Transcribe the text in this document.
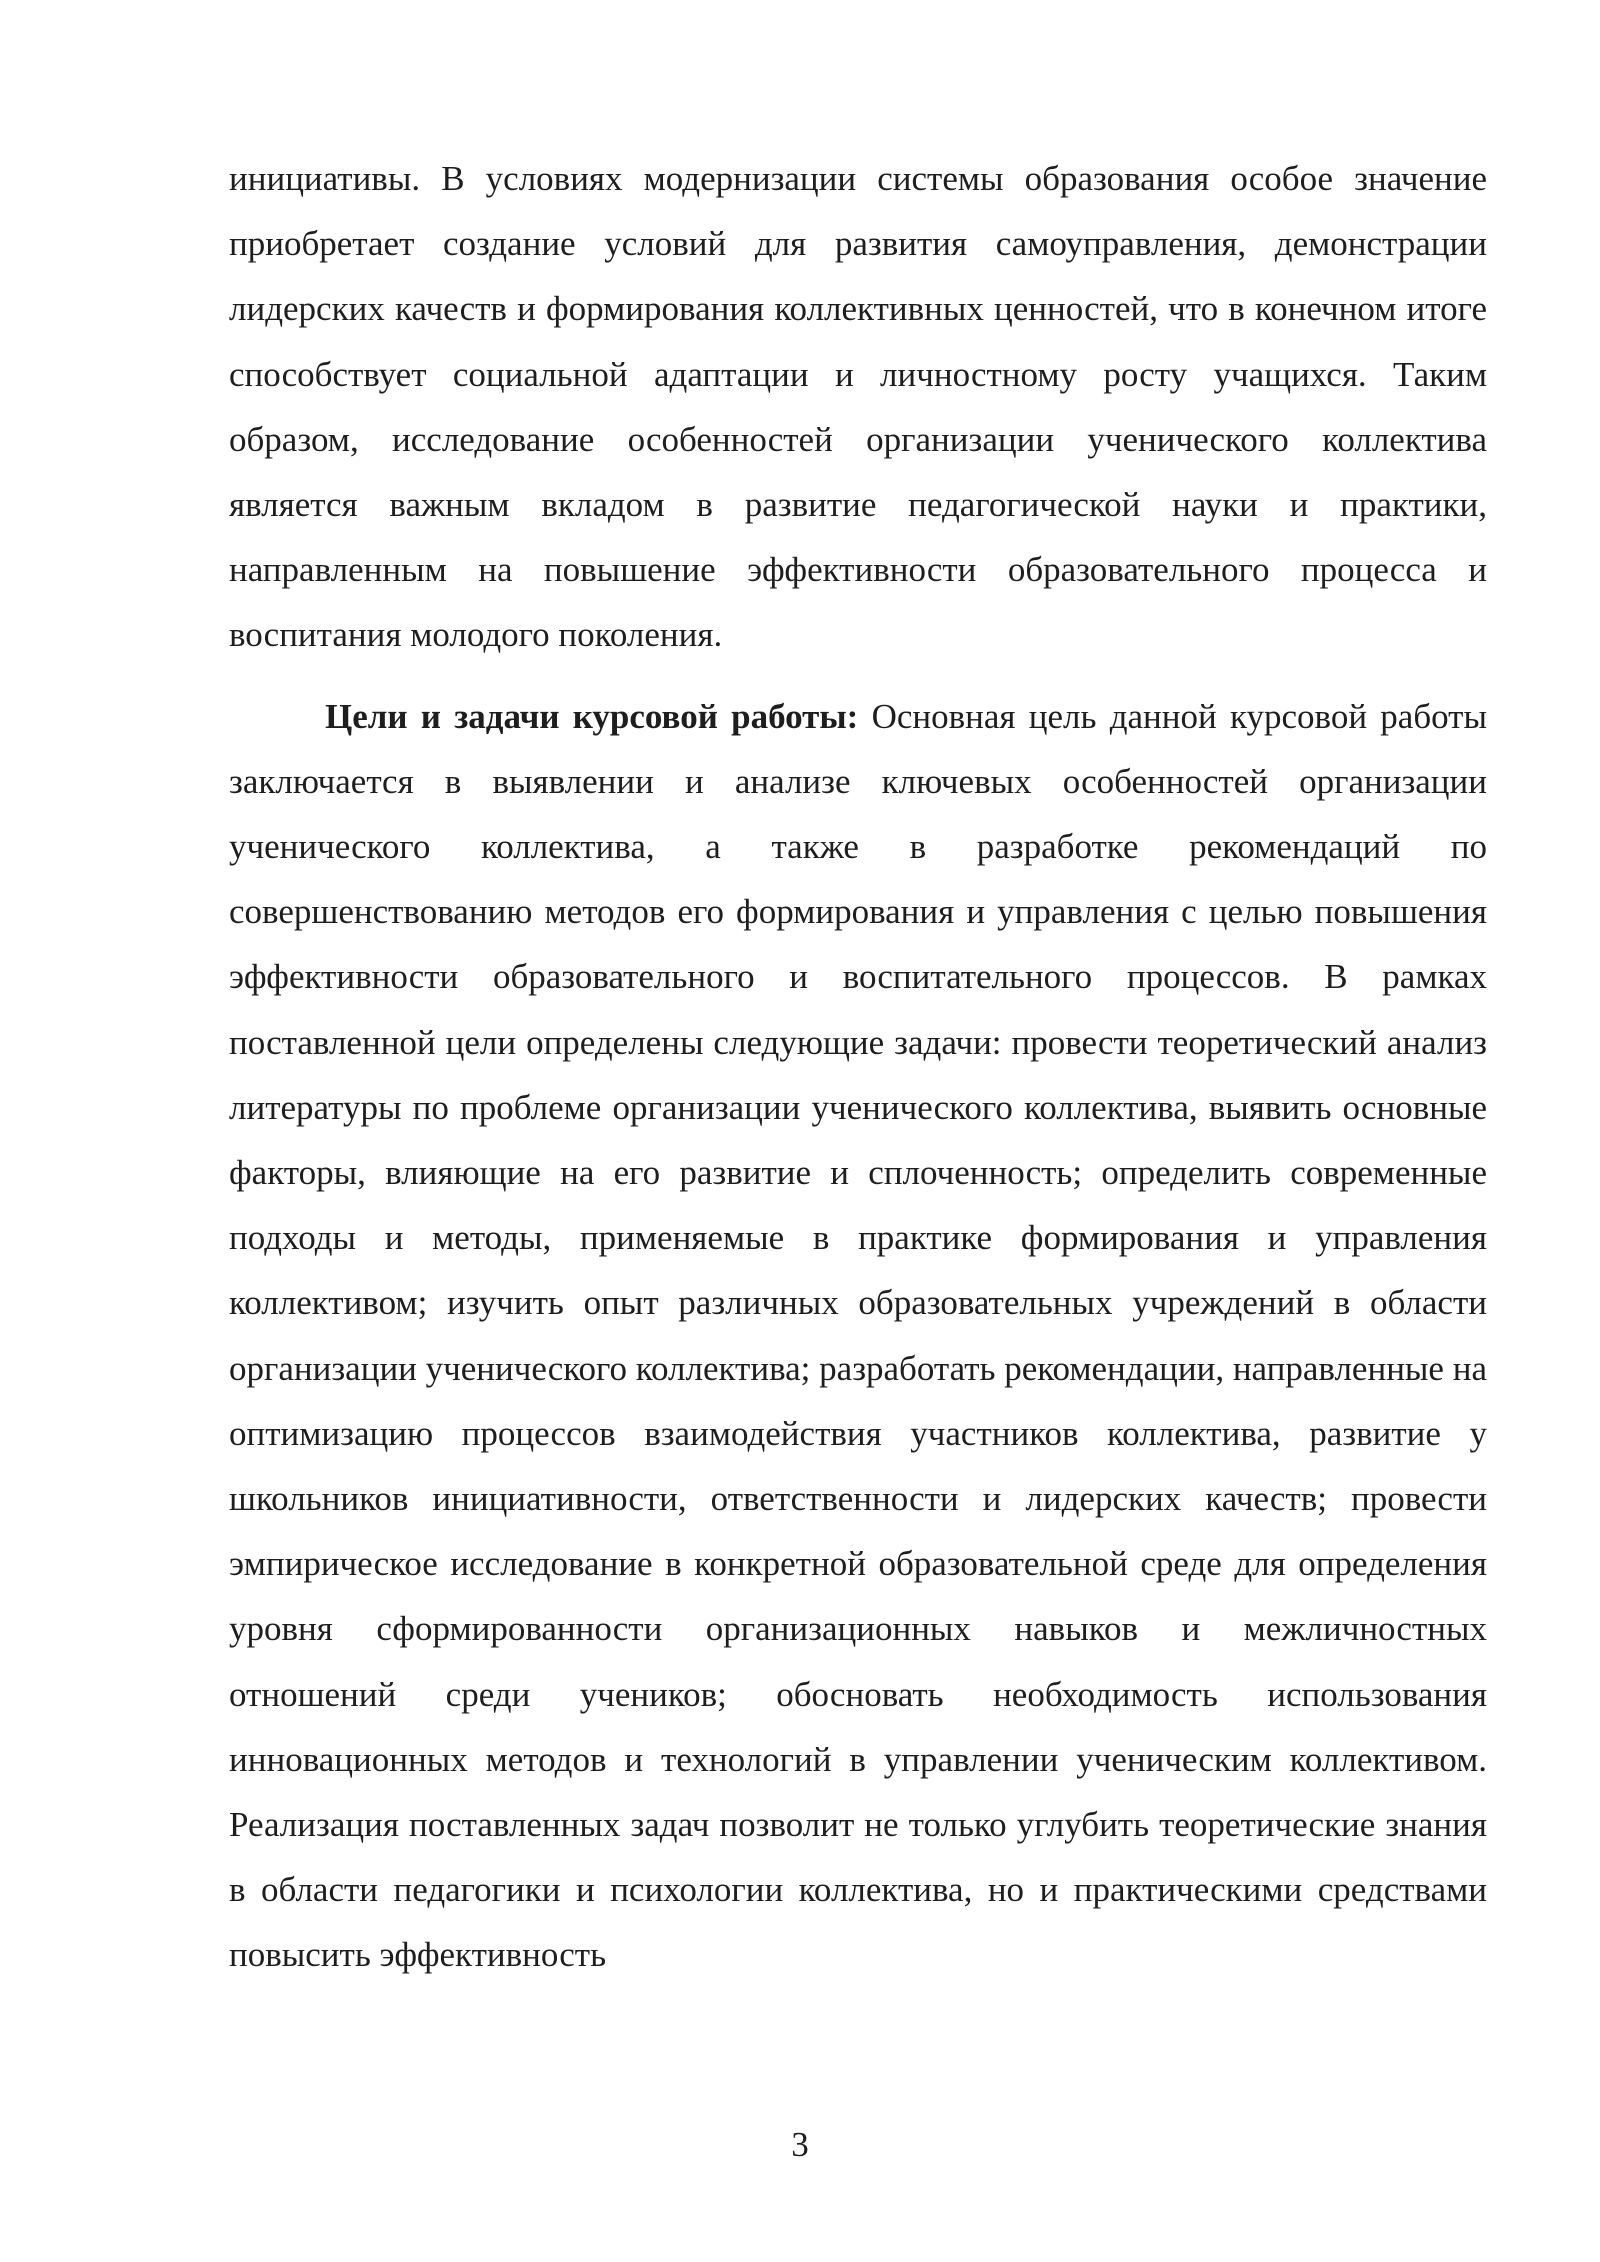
инициативы. В условиях модернизации системы образования особое значение приобретает создание условий для развития самоуправления, демонстрации лидерских качеств и формирования коллективных ценностей, что в конечном итоге способствует социальной адаптации и личностному росту учащихся. Таким образом, исследование особенностей организации ученического коллектива является важным вкладом в развитие педагогической науки и практики, направленным на повышение эффективности образовательного процесса и воспитания молодого поколения.

Цели и задачи курсовой работы: Основная цель данной курсовой работы заключается в выявлении и анализе ключевых особенностей организации ученического коллектива, а также в разработке рекомендаций по совершенствованию методов его формирования и управления с целью повышения эффективности образовательного и воспитательного процессов. В рамках поставленной цели определены следующие задачи: провести теоретический анализ литературы по проблеме организации ученического коллектива, выявить основные факторы, влияющие на его развитие и сплоченность; определить современные подходы и методы, применяемые в практике формирования и управления коллективом; изучить опыт различных образовательных учреждений в области организации ученического коллектива; разработать рекомендации, направленные на оптимизацию процессов взаимодействия участников коллектива, развитие у школьников инициативности, ответственности и лидерских качеств; провести эмпирическое исследование в конкретной образовательной среде для определения уровня сформированности организационных навыков и межличностных отношений среди учеников; обосновать необходимость использования инновационных методов и технологий в управлении ученическим коллективом. Реализация поставленных задач позволит не только углубить теоретические знания в области педагогики и психологии коллектива, но и практическими средствами повысить эффективность

3
